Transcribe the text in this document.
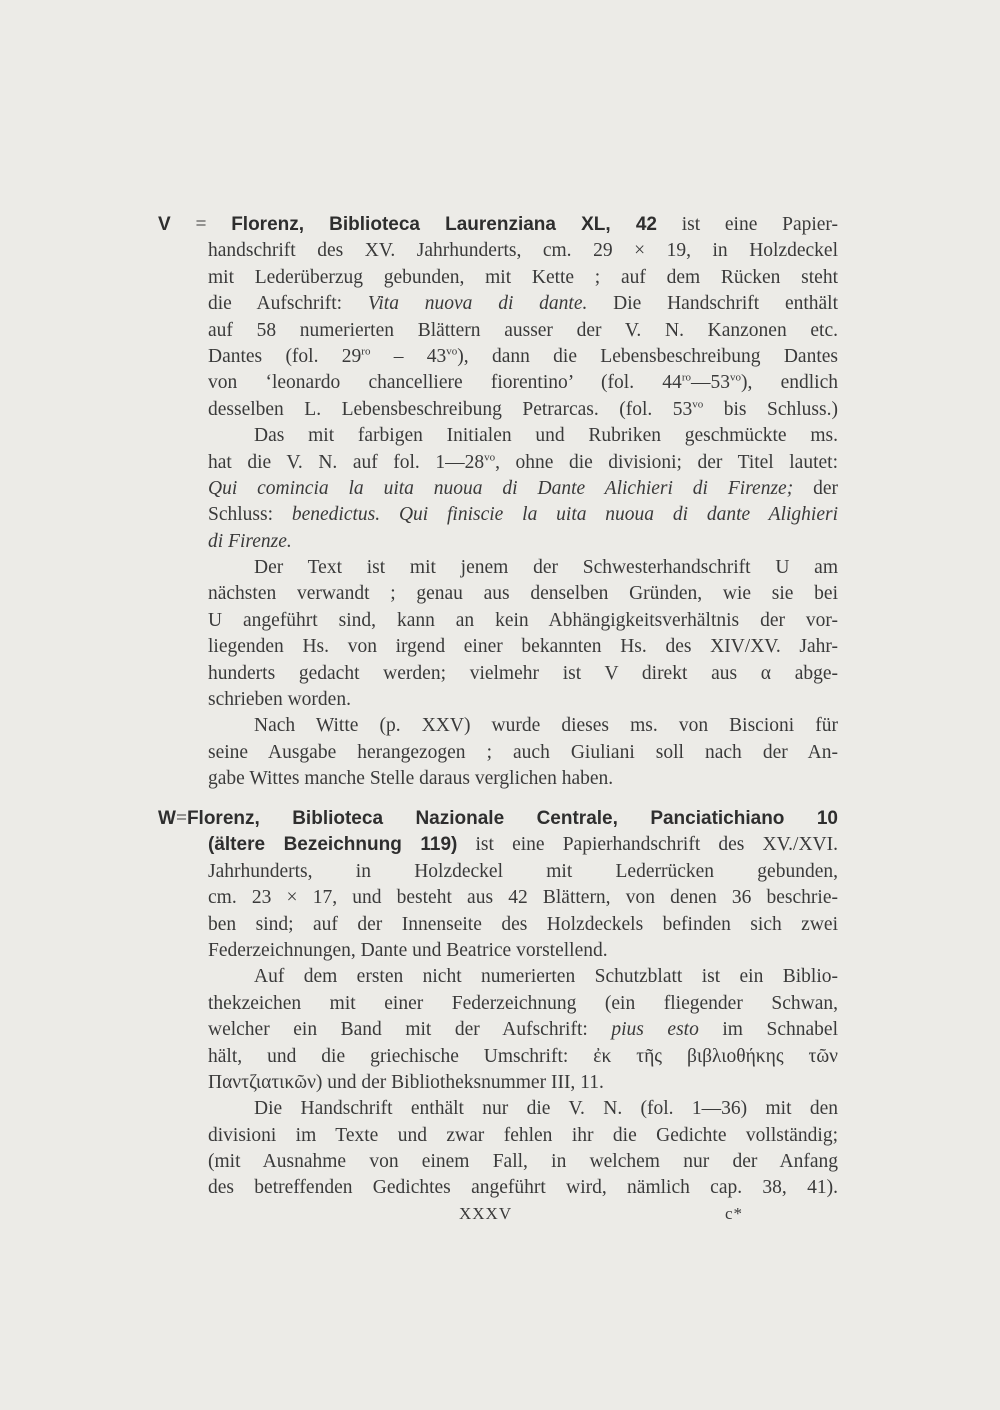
V = Florenz, Biblioteca Laurenziana XL, 42 ist eine Papier-
handschrift des XV. Jahrhunderts, cm. 29 × 19, in Holzdeckel
mit Lederüberzug gebunden, mit Kette ; auf dem Rücken steht
die Aufschrift: Vita nuova di dante. Die Handschrift enthält
auf 58 numerierten Blättern ausser der V. N. Kanzonen etc.
Dantes (fol. $29^{ro} - 43^{vo}$), dann die Lebensbeschreibung Dantes
von ‘leonardo chancelliere fiorentino’ (fol. $44^{ro}—53^{vo}$), endlich
desselben L. Lebensbeschreibung Petrarcas. (fol. $53^{vo}$ bis Schluss.)
Das mit farbigen Initialen und Rubriken geschmückte ms.
hat die V. N. auf fol. $1—28^{vo}$, ohne die divisioni; der Titel lautet:
Qui comincia la uita nuoua di Dante Alichieri di Firenze; der
Schluss: benedictus. Qui finiscie la uita nuoua di dante Alighieri
di Firenze.
Der Text ist mit jenem der Schwesterhandschrift U am
nächsten verwandt ; genau aus denselben Gründen, wie sie bei
U angeführt sind, kann an kein Abhängigkeitsverhältnis der vor-
liegenden Hs. von irgend einer bekannten Hs. des XIV/XV. Jahr-
hunderts gedacht werden; vielmehr ist V direkt aus α abge-
schrieben worden.
Nach Witte (p. XXV) wurde dieses ms. von Biscioni für
seine Ausgabe herangezogen ; auch Giuliani soll nach der An-
gabe Wittes manche Stelle daraus verglichen haben.
W=Florenz, Biblioteca Nazionale Centrale, Panciatichiano 10
(ältere Bezeichnung 119) ist eine Papierhandschrift des XV./XVI.
Jahrhunderts, in Holzdeckel mit Lederrücken gebunden,
cm. 23 × 17, und besteht aus 42 Blättern, von denen 36 beschrie-
ben sind; auf der Innenseite des Holzdeckels befinden sich zwei
Federzeichnungen, Dante und Beatrice vorstellend.
Auf dem ersten nicht numerierten Schutzblatt ist ein Biblio-
thekzeichen mit einer Federzeichnung (ein fliegender Schwan,
welcher ein Band mit der Aufschrift: pius esto im Schnabel
hält, und die griechische Umschrift: ἐκ τῆς βιβλιοθήκης τῶν
Παντζιατικῶν) und der Bibliotheksnummer III, 11.
Die Handschrift enthält nur die V. N. (fol. 1—36) mit den
divisioni im Texte und zwar fehlen ihr die Gedichte vollständig;
(mit Ausnahme von einem Fall, in welchem nur der Anfang
des betreffenden Gedichtes angeführt wird, nämlich cap. 38, 41).
XXXV	c*
